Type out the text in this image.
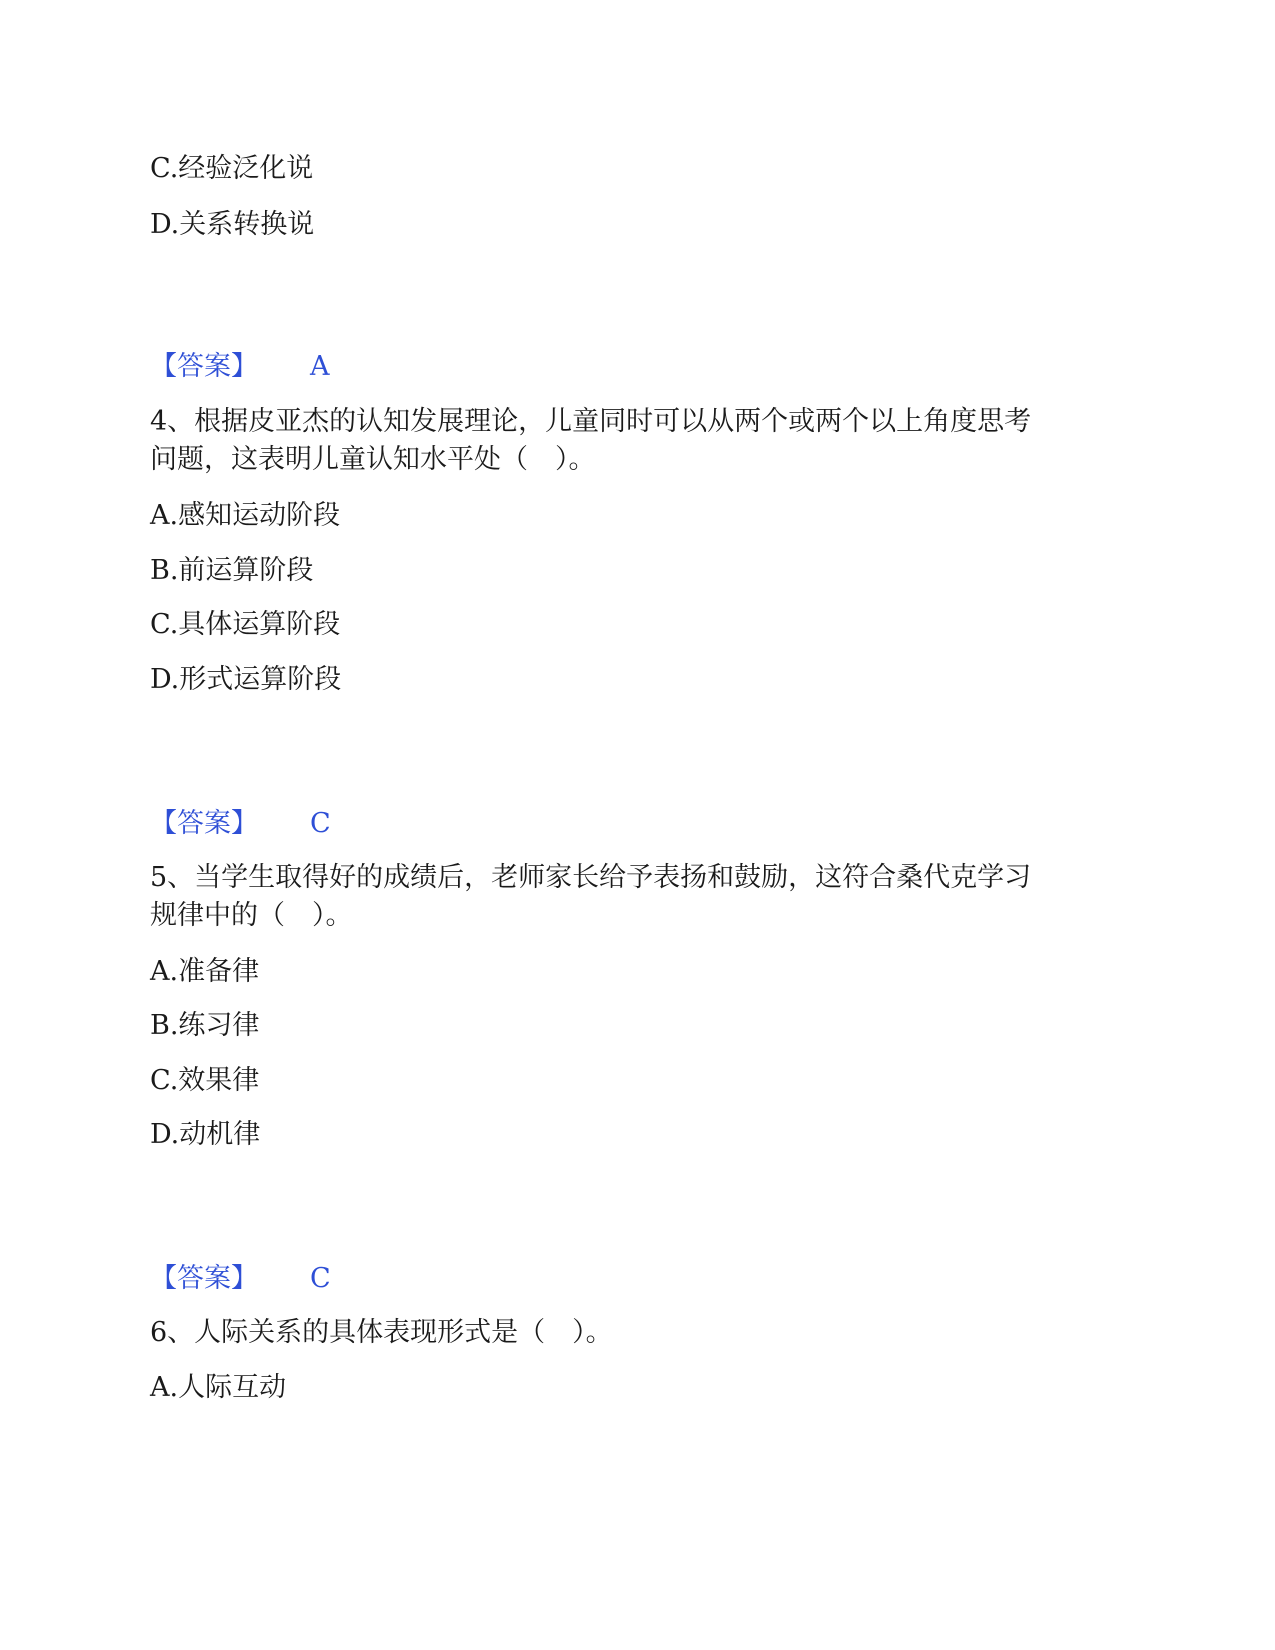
C.经验泛化说
D.关系转换说
【答案】 A
4、根据皮亚杰的认知发展理论，儿童同时可以从两个或两个以上角度思考
问题，这表明儿童认知水平处（　）。
A.感知运动阶段
B.前运算阶段
C.具体运算阶段
D.形式运算阶段
【答案】 C
5、当学生取得好的成绩后，老师家长给予表扬和鼓励，这符合桑代克学习
规律中的（　）。
A.准备律
B.练习律
C.效果律
D.动机律
【答案】 C
6、人际关系的具体表现形式是（　）。
A.人际互动
